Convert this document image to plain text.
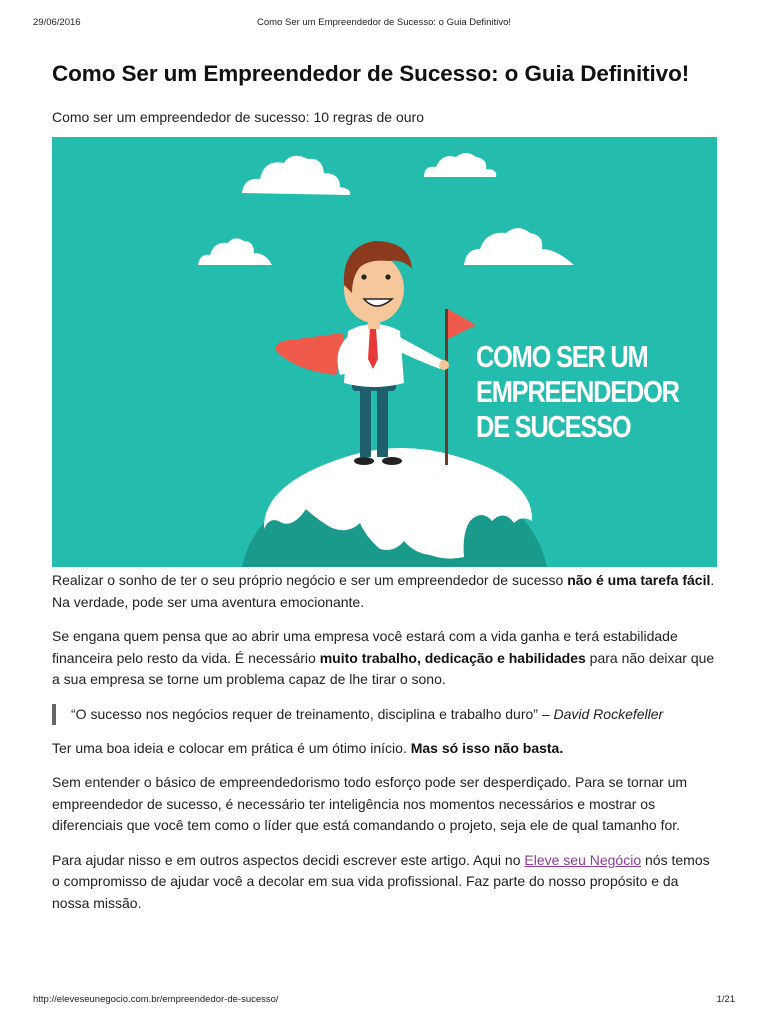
29/06/2016	Como Ser um Empreendedor de Sucesso: o Guia Definitivo!
Como Ser um Empreendedor de Sucesso: o Guia Definitivo!
Como ser um empreendedor de sucesso: 10 regras de ouro
COMO SER UM
EMPREENDEDOR
DE SUCESSO

Realizar o sonho de ter o seu próprio negócio e ser um empreendedor de sucesso não é uma tarefa fácil. Na verdade, pode ser uma aventura emocionante.

Se engana quem pensa que ao abrir uma empresa você estará com a vida ganha e terá estabilidade financeira pelo resto da vida. É necessário muito trabalho, dedicação e habilidades para não deixar que a sua empresa se torne um problema capaz de lhe tirar o sono.

“O sucesso nos negócios requer de treinamento, disciplina e trabalho duro” – David Rockefeller

Ter uma boa ideia e colocar em prática é um ótimo início. Mas só isso não basta.

Sem entender o básico de empreendedorismo todo esforço pode ser desperdiçado. Para se tornar um empreendedor de sucesso, é necessário ter inteligência nos momentos necessários e mostrar os diferenciais que você tem como o líder que está comandando o projeto, seja ele de qual tamanho for.

Para ajudar nisso e em outros aspectos decidi escrever este artigo. Aqui no Eleve seu Negócio nós temos o compromisso de ajudar você a decolar em sua vida profissional. Faz parte do nosso propósito e da nossa missão.

http://eleveseunegocio.com.br/empreendedor-de-sucesso/	1/21
